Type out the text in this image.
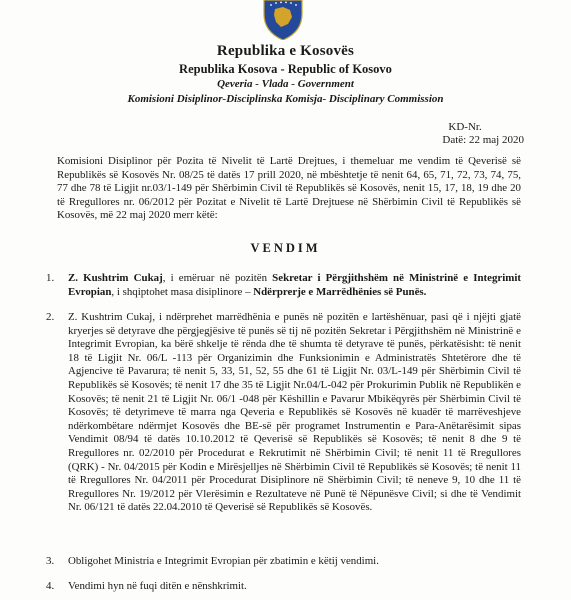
Republika e Kosovës
Republika Kosova - Republic of Kosovo
Qeveria - Vlada - Government
Komisioni Disiplinor-Disciplinska Komisja- Disciplinary Commission
KD-Nr.
Datë: 22 maj 2020
Komisioni Disiplinor për Pozita të Nivelit të Lartë Drejtues, i themeluar me vendim të Qeverisë së Republikës së Kosovës Nr. 08/25 të datës 17 prill 2020, në mbështetje të nenit 64, 65, 71, 72, 73, 74, 75, 77 dhe 78 të Ligjit nr.03/1-149 për Shërbimin Civil të Republikës së Kosovës, nenit 15, 17, 18, 19 dhe 20 të Rregullores nr. 06/2012 për Pozitat e Nivelit të Lartë Drejtuese në Shërbimin Civil të Republikës së Kosovës, më 22 maj 2020 merr këtë:
VENDIM
1.	Z. Kushtrim Cukaj, i emëruar në pozitën Sekretar i Përgjithshëm në Ministrinë e Integrimit Evropian, i shqiptohet masa disiplinore – Ndërprerje e Marrëdhënies së Punës.
2.	Z. Kushtrim Cukaj, i ndërprehet marrëdhënia e punës në pozitën e lartëshënuar, pasi që i njëjti gjatë kryerjes së detyrave dhe përgjegjësive të punës së tij në pozitën Sekretar i Përgjithshëm në Ministrinë e Integrimit Evropian, ka bërë shkelje të rënda dhe të shumta të detyrave të punës, përkatësisht: të nenit 18 të Ligjit Nr. 06/L -113 për Organizimin dhe Funksionimin e Administratës Shtetërore dhe të Agjencive të Pavarura; të nenit 5, 33, 51, 52, 55 dhe 61 të Ligjit Nr. 03/L-149 për Shërbimin Civil të Republikës së Kosovës; të nenit 17 dhe 35 të Ligjit Nr.04/L-042 për Prokurimin Publik në Republikën e Kosovës; të nenit 21 të Ligjit Nr. 06/1 -048 për Këshillin e Pavarur Mbikëqyrës për Shërbimin Civil të Kosovës; të detyrimeve të marra nga Qeveria e Republikës së Kosovës në kuadër të marrëveshjeve ndërkombëtare ndërmjet Kosovës dhe BE-së për programet Instrumentin e Para-Anëtarësimit sipas Vendimit 08/94 të datës 10.10.2012 të Qeverisë së Republikës së Kosovës; të nenit 8 dhe 9 të Rregullores nr. 02/2010 për Procedurat e Rekrutimit në Shërbimin Civil; të nenit 11 të Rregullores (QRK) - Nr. 04/2015 për Kodin e Mirësjelljes në Shërbimin Civil të Republikës së Kosovës; të nenit 11 të Rregullores Nr. 04/2011 për Procedurat Disiplinore në Shërbimin Civil; të neneve 9, 10 dhe 11 të Rregullores Nr. 19/2012 për Vlerësimin e Rezultateve në Punë të Nëpunësve Civil; si dhe të Vendimit Nr. 06/121 të datës 22.04.2010 të Qeverisë së Republikës së Kosovës.
3.	Obligohet Ministria e Integrimit Evropian për zbatimin e këtij vendimi.
4.	Vendimi hyn në fuqi ditën e nënshkrimit.
